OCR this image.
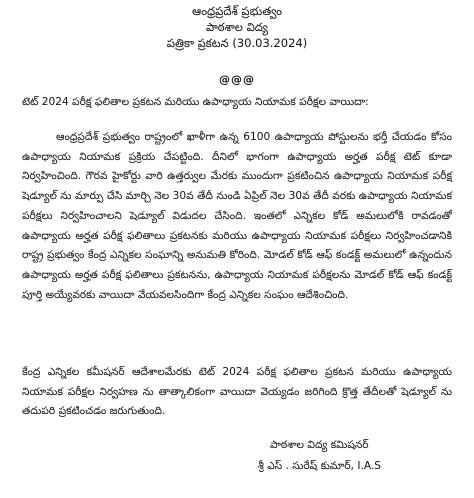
ఆంధ్రప్రదేశ్ ప్రభుత్వం
పాఠశాల విద్య
పత్రికా ప్రకటన (30.03.2024)
@@@
టెట్ 2024 పరీక్ష ఫలితాల ప్రకటన మరియు ఉపాధ్యాయ నియామక పరీక్షల వాయిదా:
ఆంధ్రప్రదేశ్ ప్రభుత్వం రాష్ట్రంలో ఖాళీగా ఉన్న 6100 ఉపాధ్యాయ పోస్టులను భర్తీ చేయడం కోసం ఉపాధ్యాయ నియామక ప్రక్రియ చేపట్టింది. దీనిలో భాగంగా ఉపాధ్యాయ అర్హత పరీక్ష టెట్ కూడా నిర్వహించింది. గౌరవ హైకోర్టు వారి ఉత్తర్వుల మేరకు ముందుగా ప్రకటించిన ఉపాధ్యాయ నియామక పరీక్ష షెడ్యూల్ ను మార్పు చేసి మార్చి నెల 30వ తేదీ నుండి ఏప్రిల్ నెల 30వ తేదీ వరకు ఉపాధ్యాయ నియామక పరీక్షలు నిర్వహించాలని షెడ్యూల్ విడుదల చేసింది. ఇంతలో ఎన్నికల కోడ్ అమలులోకి రావడంతో ఉపాధ్యాయ అర్హత పరీక్ష ఫలితాలు ప్రకటనకు మరియు ఉపాధ్యాయ నియామక పరీక్షలు నిర్వహించడానికి రాష్ట్ర ప్రభుత్వం కేంద్ర ఎన్నికల సంఘాన్ని అనుమతి కోరింది. మోడల్ కోడ్ ఆఫ్ కండక్ట్ అమలులో ఉన్నందున ఉపాధ్యాయ అర్హత పరీక్ష ఫలితాలు ప్రకటనను, ఉపాధ్యాయ నియామక పరీక్షలను మోడల్ కోడ్ ఆఫ్ కండక్ట్ పూర్తి అయ్యేవరకు వాయిదా వేయవలసిందిగా కేంద్ర ఎన్నికల సంఘం ఆదేశించింది.
కేంద్ర ఎన్నికల కమీషనర్ ఆదేశాలమేరకు టెట్ 2024 పరీక్ష ఫలితాల ప్రకటన మరియు ఉపాధ్యాయ నియామక పరీక్షల నిర్వహణ ను తాత్కాలికంగా వాయిదా వెయ్యడం జరిగింది క్రొత్త తేదీలతో షెడ్యూల్ ను తదుపరి ప్రకటించడం జరుగుతుంది.
పాఠశాల విద్య కమిషనర్
శ్రీ ఎస్ . సురేష్ కుమార్, I.A.S
